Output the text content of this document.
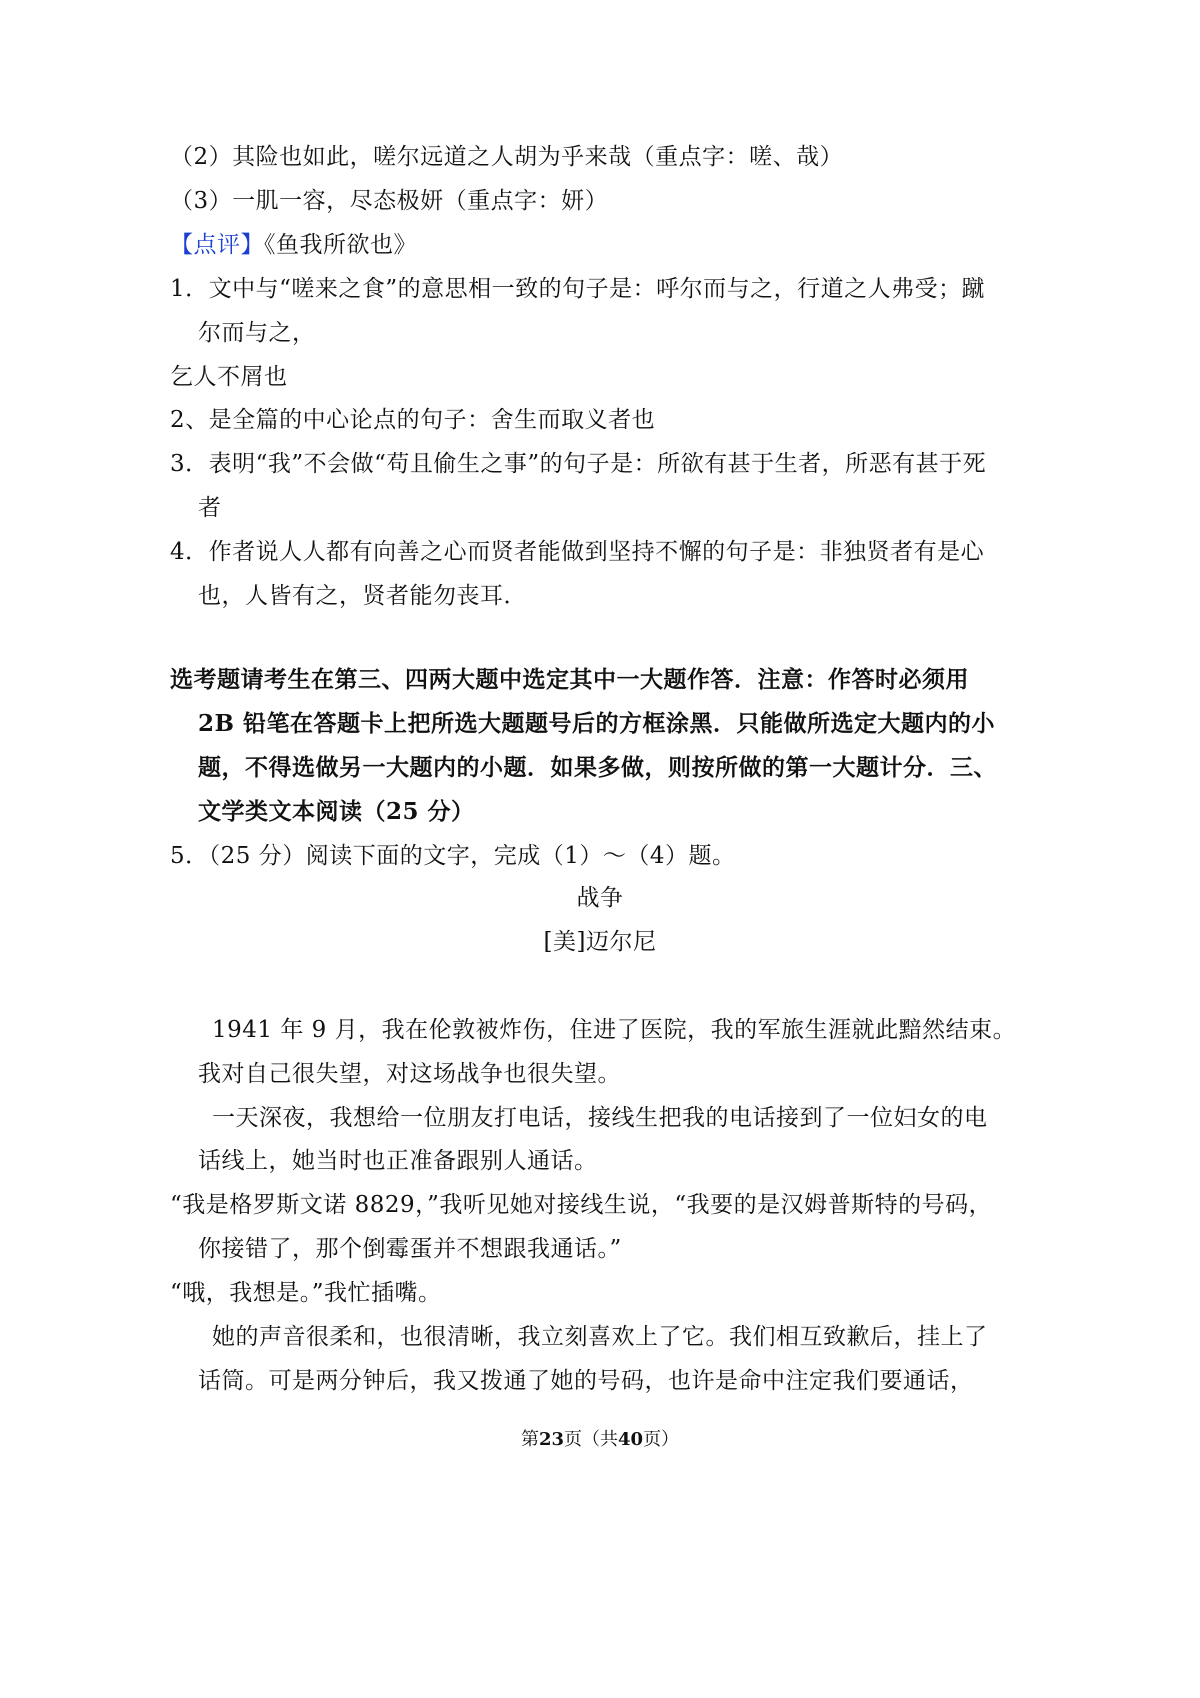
（2）其险也如此，嗟尔远道之人胡为乎来哉（重点字：嗟、哉）
（3）一肌一容，尽态极妍（重点字：妍）
【点评】《鱼我所欲也》
1．文中与“嗟来之食”的意思相一致的句子是：呼尔而与之，行道之人弗受；蹴
尔而与之，
乞人不屑也
2、是全篇的中心论点的句子：舍生而取义者也
3．表明“我”不会做“苟且偷生之事”的句子是：所欲有甚于生者，所恶有甚于死
者
4．作者说人人都有向善之心而贤者能做到坚持不懈的句子是：非独贤者有是心
也，人皆有之，贤者能勿丧耳．
选考题请考生在第三、四两大题中选定其中一大题作答．注意：作答时必须用
2B 铅笔在答题卡上把所选大题题号后的方框涂黑．只能做所选定大题内的小
题，不得选做另一大题内的小题．如果多做，则按所做的第一大题计分．三、
文学类文本阅读（25 分）
5．（25 分）阅读下面的文字，完成（1）～（4）题。
战争
[美]迈尔尼
1941 年 9 月，我在伦敦被炸伤，住进了医院，我的军旅生涯就此黯然结束。
我对自己很失望，对这场战争也很失望。
一天深夜，我想给一位朋友打电话，接线生把我的电话接到了一位妇女的电
话线上，她当时也正准备跟别人通话。
“我是格罗斯文诺 8829，”我听见她对接线生说，“我要的是汉姆普斯特的号码，
你接错了，那个倒霉蛋并不想跟我通话。”
“哦，我想是。”我忙插嘴。
她的声音很柔和，也很清晰，我立刻喜欢上了它。我们相互致歉后，挂上了
话筒。可是两分钟后，我又拨通了她的号码，也许是命中注定我们要通话，
第23页（共40页）
